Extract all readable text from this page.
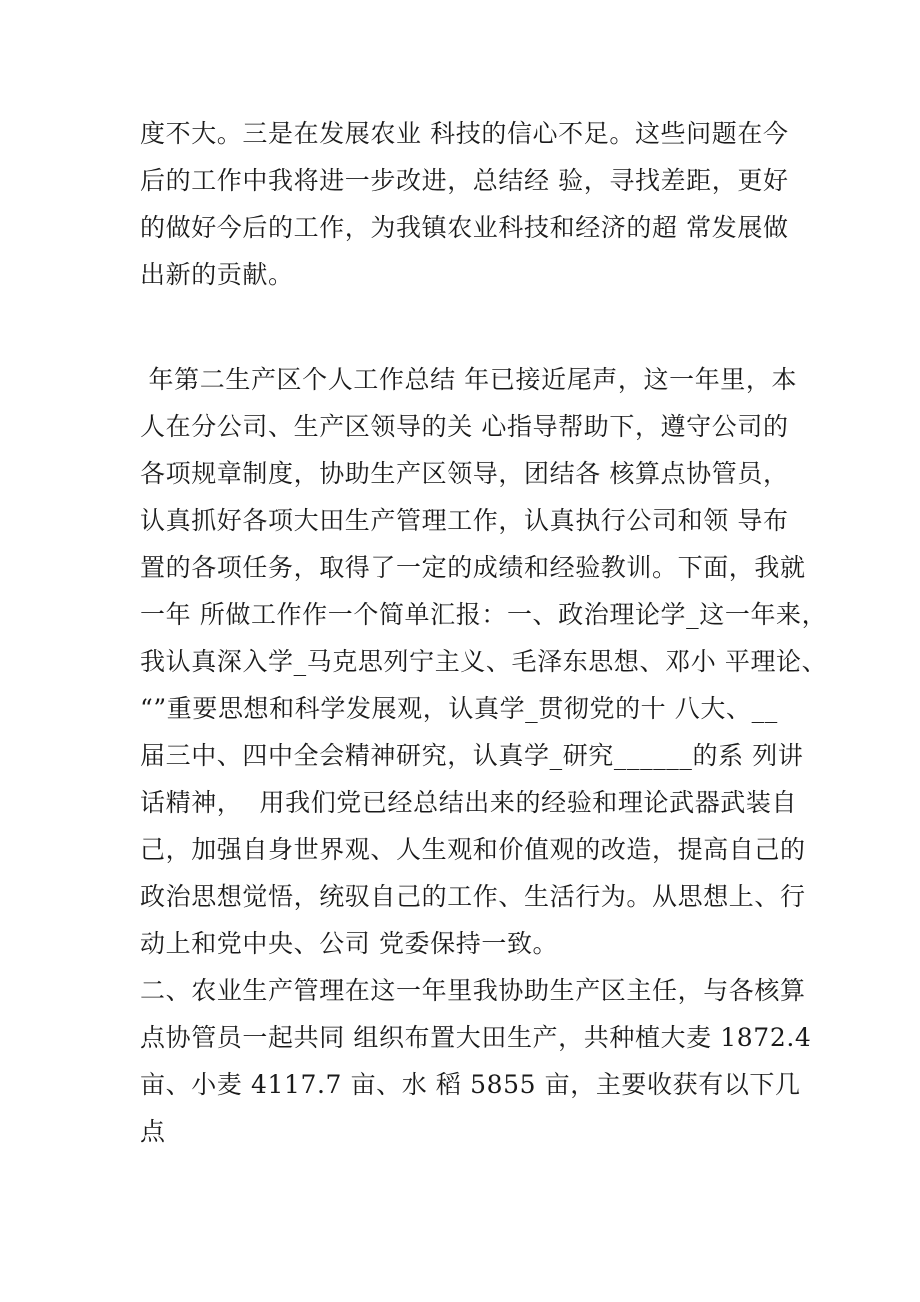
度不大。三是在发展农业 科技的信心不足。这些问题在今
后的工作中我将进一步改进，总结经 验，寻找差距，更好
的做好今后的工作，为我镇农业科技和经济的超 常发展做
出新的贡献。
年第二生产区个人工作总结 年已接近尾声，这一年里，本
人在分公司、生产区领导的关 心指导帮助下，遵守公司的
各项规章制度，协助生产区领导，团结各 核算点协管员，
认真抓好各项大田生产管理工作，认真执行公司和领 导布
置的各项任务，取得了一定的成绩和经验教训。下面，我就
一年 所做工作作一个简单汇报：一、政治理论学_这一年来，
我认真深入学_马克思列宁主义、毛泽东思想、邓小 平理论、
“”重要思想和科学发展观，认真学_贯彻党的十 八大、__
届三中、四中全会精神研究，认真学_研究______的系 列讲
话精神，  用我们党已经总结出来的经验和理论武器武装自
己，加强自身世界观、人生观和价值观的改造，提高自己的
政治思想觉悟，统驭自己的工作、生活行为。从思想上、行
动上和党中央、公司 党委保持一致。
二、农业生产管理在这一年里我协助生产区主任，与各核算
点协管员一起共同 组织布置大田生产，共种植大麦 1872.4
亩、小麦 4117.7 亩、水 稻 5855 亩，主要收获有以下几
点
